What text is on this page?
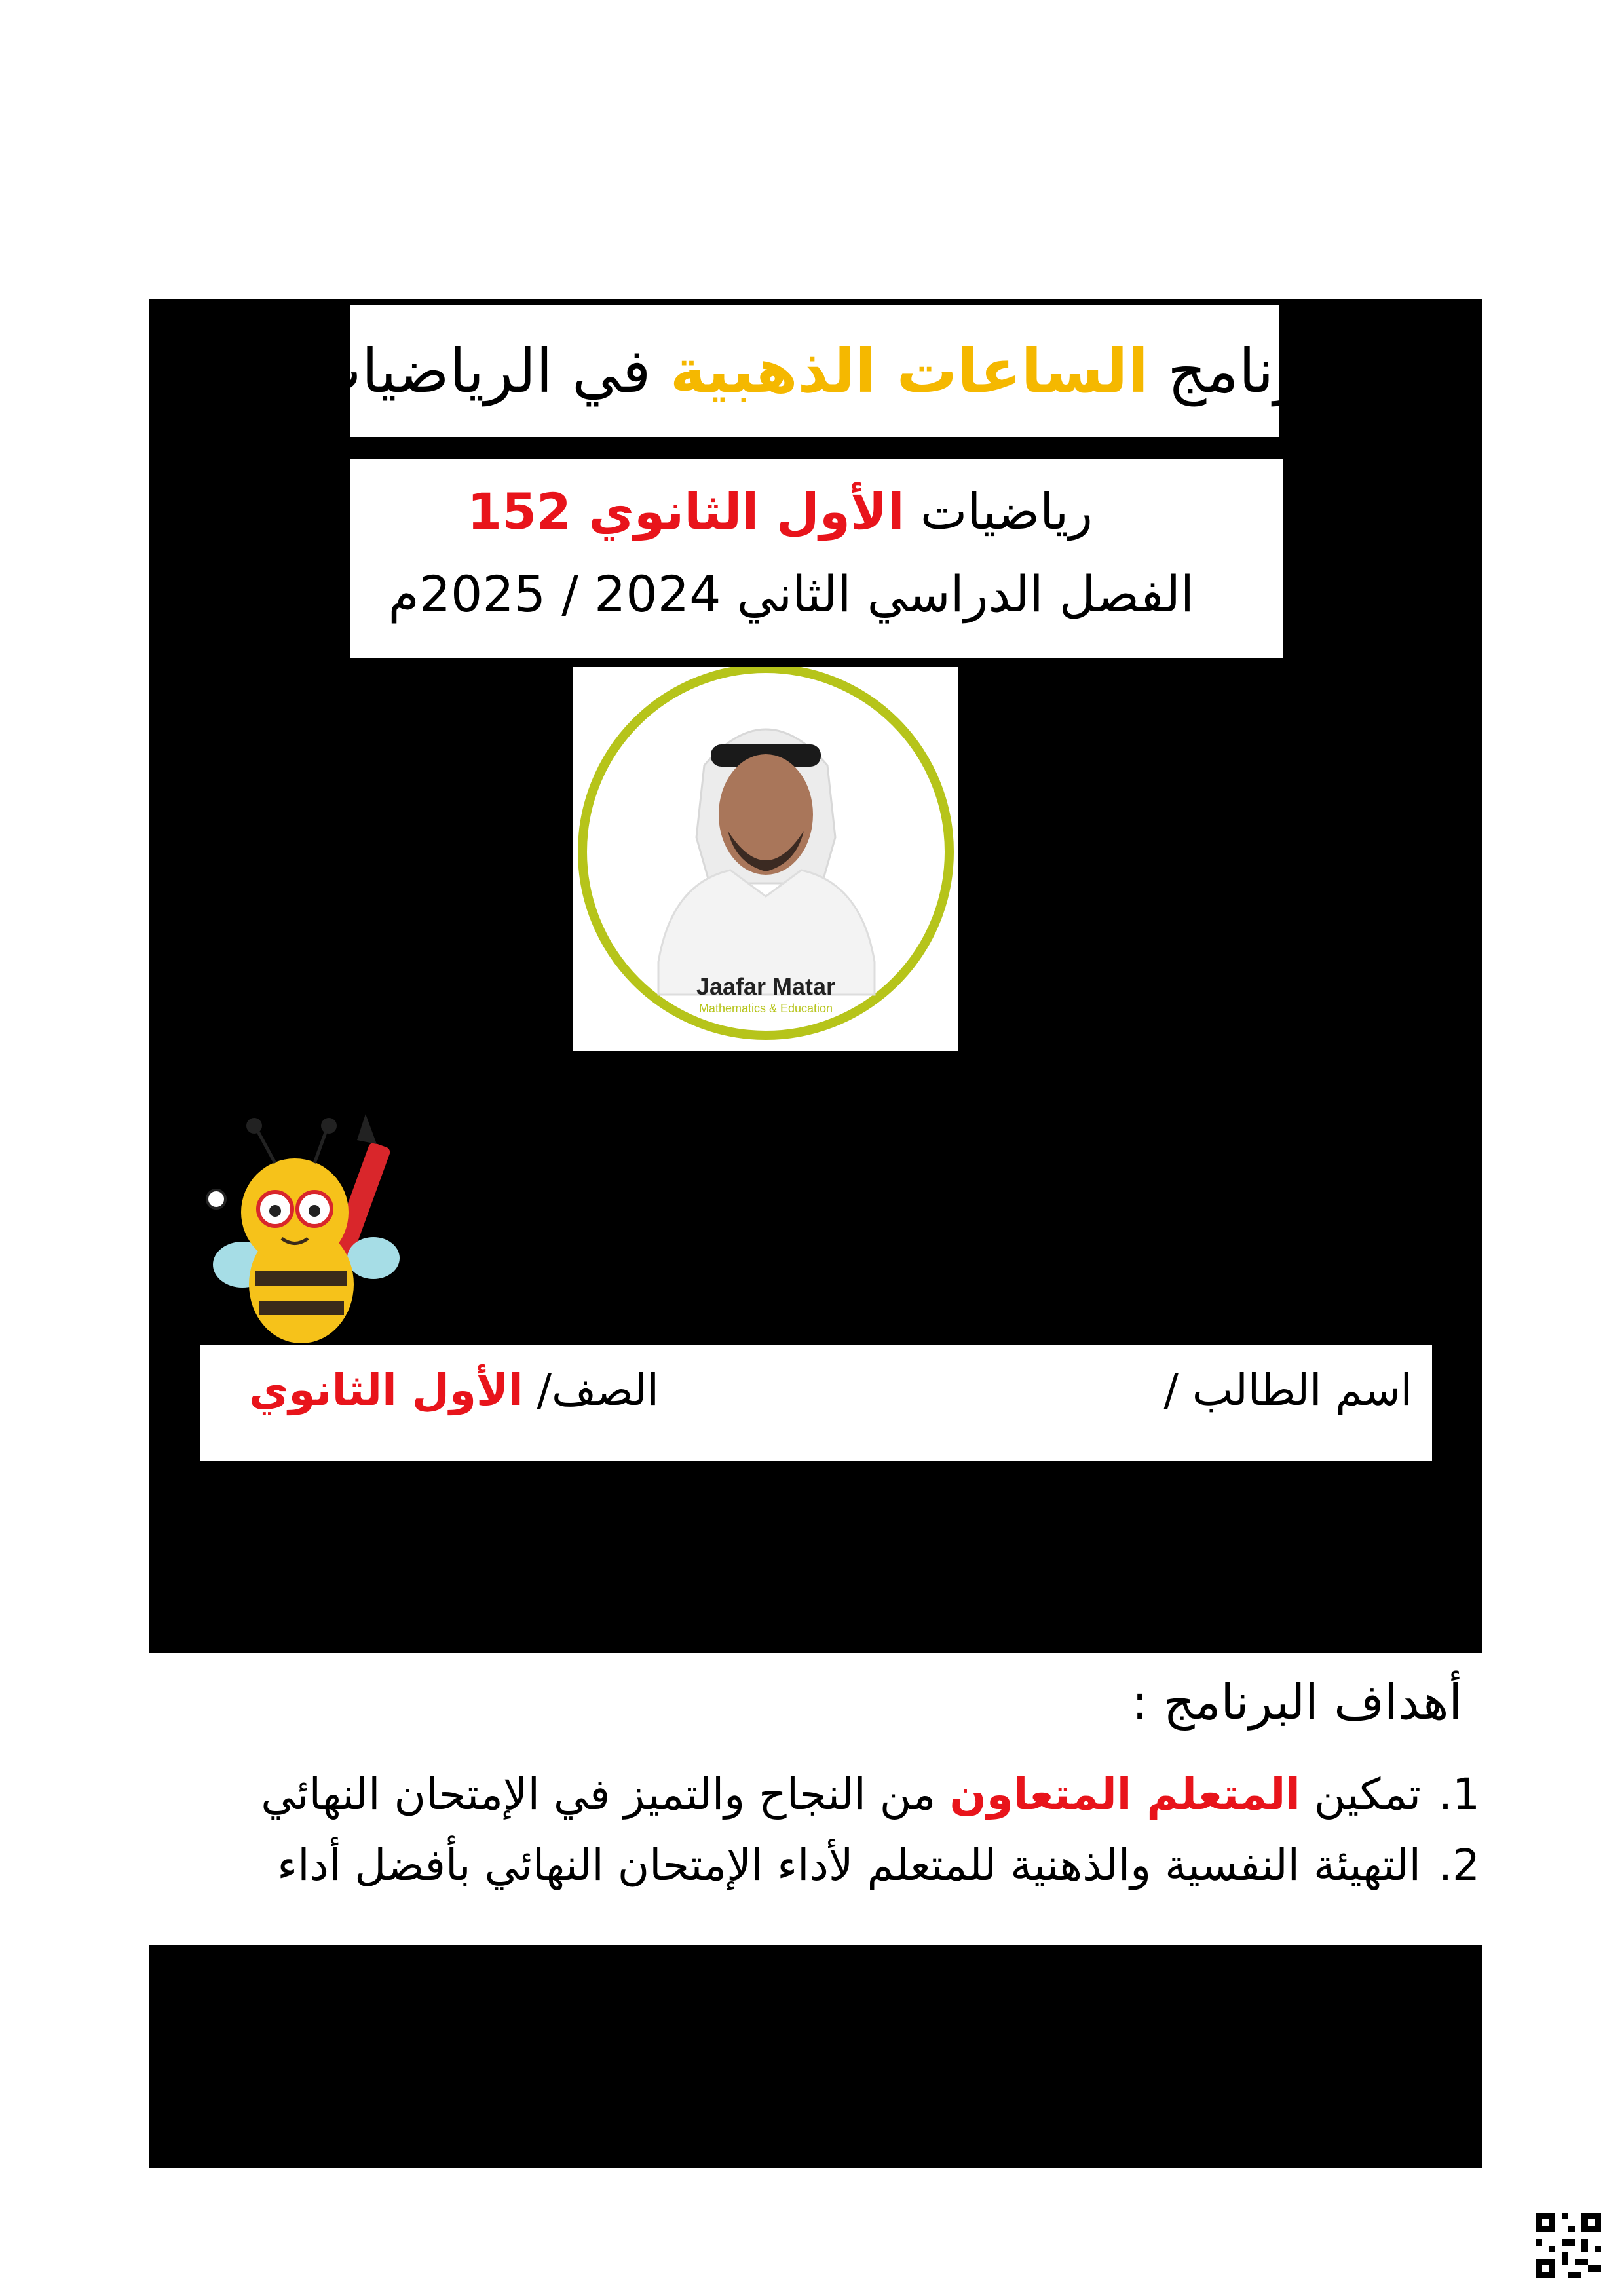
برنامج الساعات الذهبية في الرياضيات
رياضيات الأول الثانوي 152
الفصل الدراسي الثاني 2024 / 2025م
Jaafar Matar
Mathematics & Education
اسم الطالب /
الصف/ الأول الثانوي
أهداف البرنامج :
1.
تمكين المتعلم المتعاون من النجاح والتميز في الإمتحان النهائي
2.
التهيئة النفسية والذهنية للمتعلم لأداء الإمتحان النهائي بأفضل أداء
